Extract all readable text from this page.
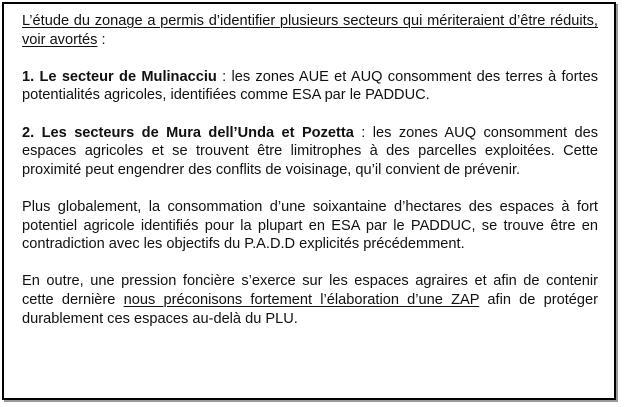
L’étude du zonage a permis d’identifier plusieurs secteurs qui mériteraient d’être réduits, voir avortés :

1. Le secteur de Mulinacciu : les zones AUE et AUQ consomment des terres à fortes potentialités agricoles, identifiées comme ESA par le PADDUC.

2. Les secteurs de Mura dell’Unda et Pozetta : les zones AUQ consomment des espaces agricoles et se trouvent être limitrophes à des parcelles exploitées. Cette proximité peut engendrer des conflits de voisinage, qu’il convient de prévenir.

Plus globalement, la consommation d’une soixantaine d’hectares des espaces à fort potentiel agricole identifiés pour la plupart en ESA par le PADDUC, se trouve être en contradiction avec les objectifs du P.A.D.D explicités précédemment.

En outre, une pression foncière s’exerce sur les espaces agraires et afin de contenir cette dernière nous préconisons fortement l’élaboration d’une ZAP afin de protéger durablement ces espaces au-delà du PLU.
